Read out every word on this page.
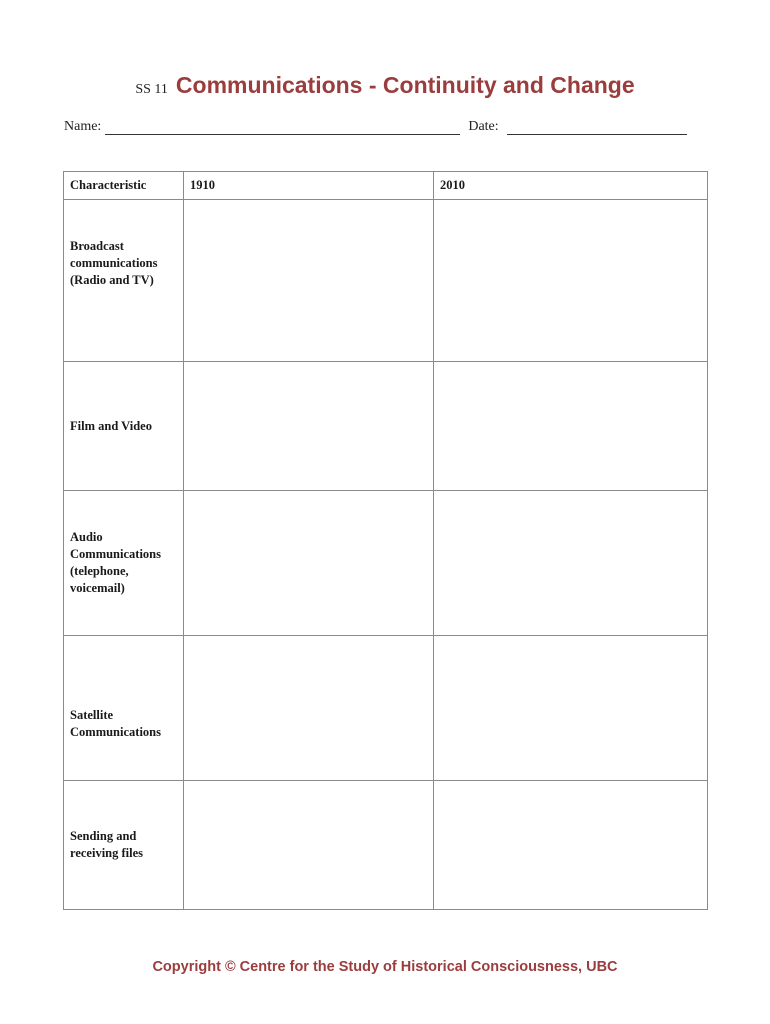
SS 11 Communications - Continuity and Change
Name:	Date:
Characteristic	1910	2010
Broadcast communications (Radio and TV)		
Film and Video		
Audio Communications (telephone, voicemail)		
Satellite Communications		
Sending and receiving files		
Copyright © Centre for the Study of Historical Consciousness, UBC
